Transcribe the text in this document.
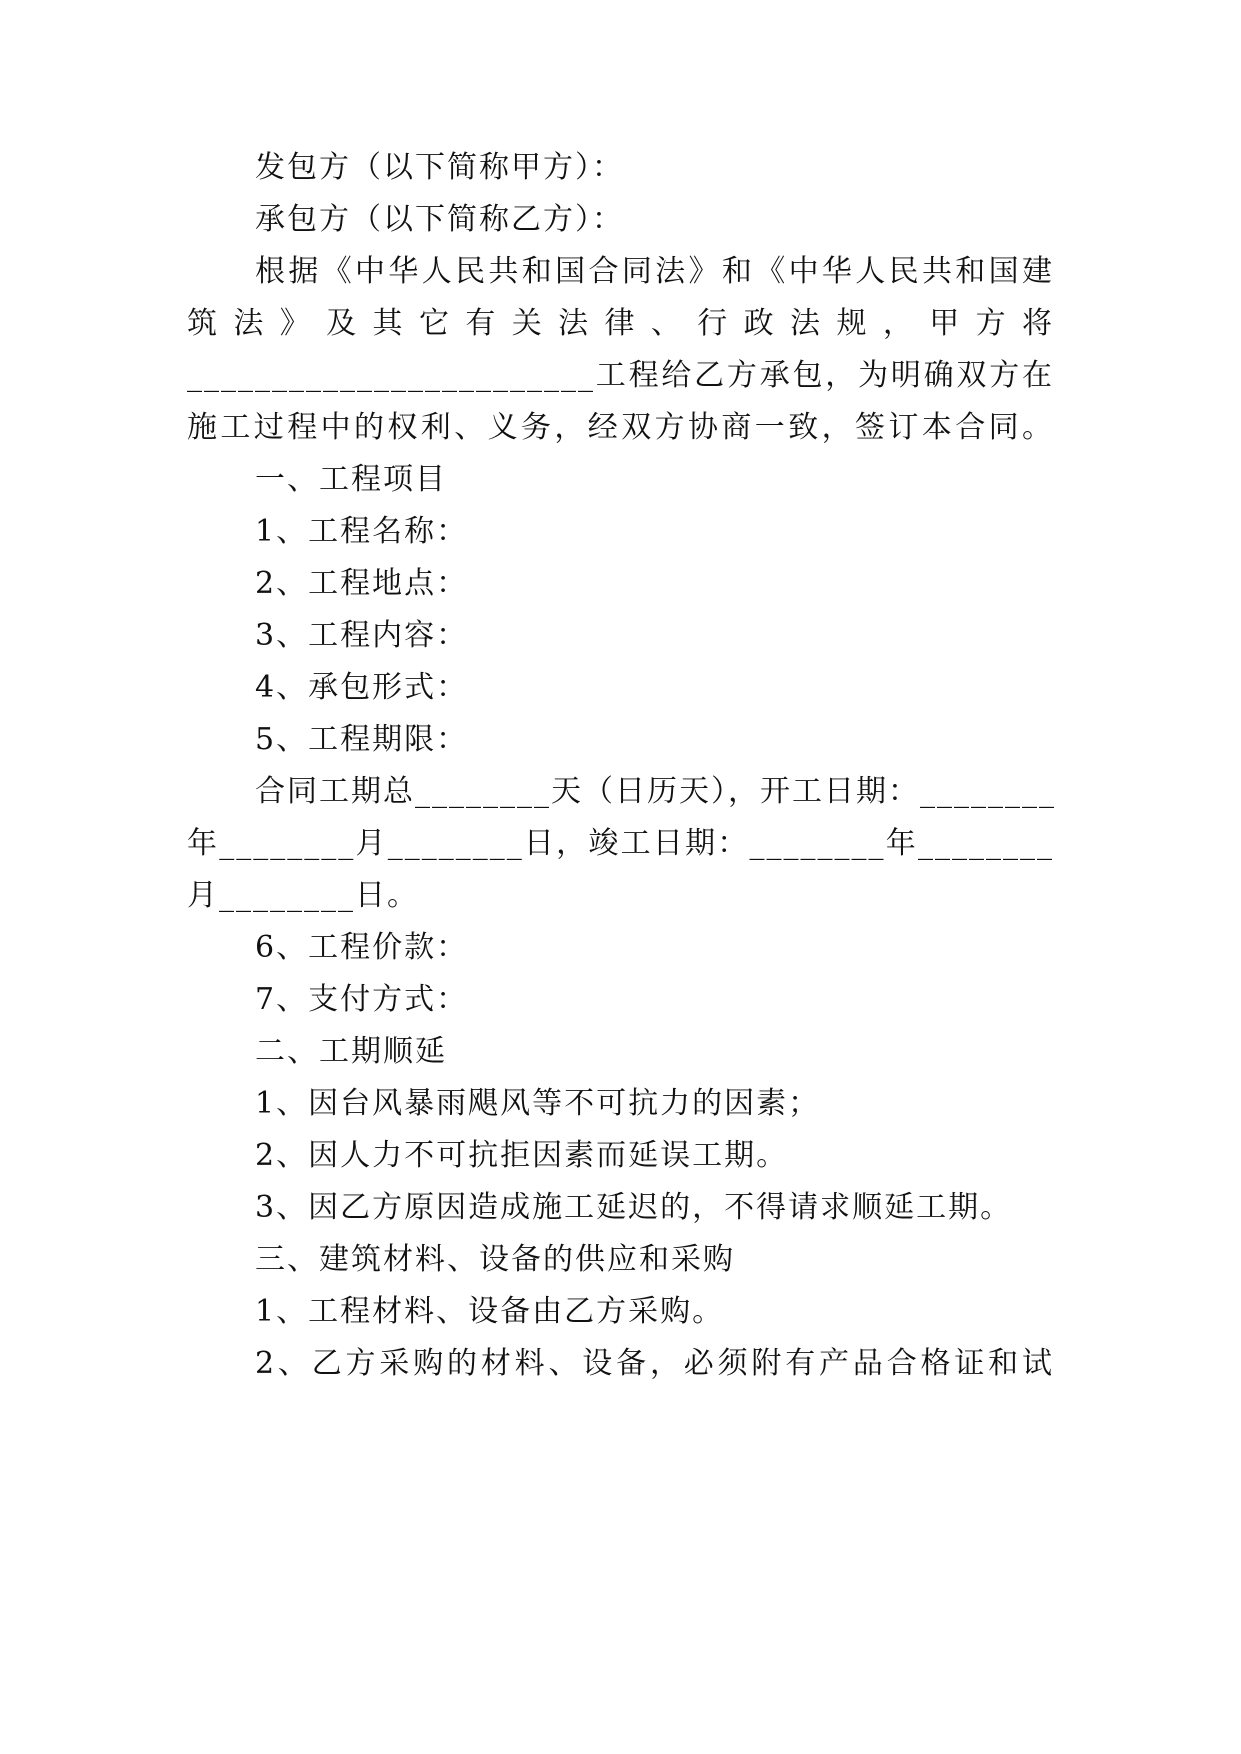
发包方（以下简称甲方）：
承包方（以下简称乙方）：
根据《中华人民共和国合同法》和《中华人民共和国建
筑 法 》 及 其 它 有 关 法 律 、 行 政 法 规 ， 甲 方 将
________________________工程给乙方承包，为明确双方在
施工过程中的权利、义务，经双方协商一致，签订本合同。
一、工程项目
1、工程名称：
2、工程地点：
3、工程内容：
4、承包形式：
5、工程期限：
合同工期总________天（日历天），开工日期：________
年________月________日，竣工日期：________年________
月________日。
6、工程价款：
7、支付方式：
二、工期顺延
1、因台风暴雨飓风等不可抗力的因素；
2、因人力不可抗拒因素而延误工期。
3、因乙方原因造成施工延迟的，不得请求顺延工期。
三、建筑材料、设备的供应和采购
1、工程材料、设备由乙方采购。
2、乙方采购的材料、设备，必须附有产品合格证和试
